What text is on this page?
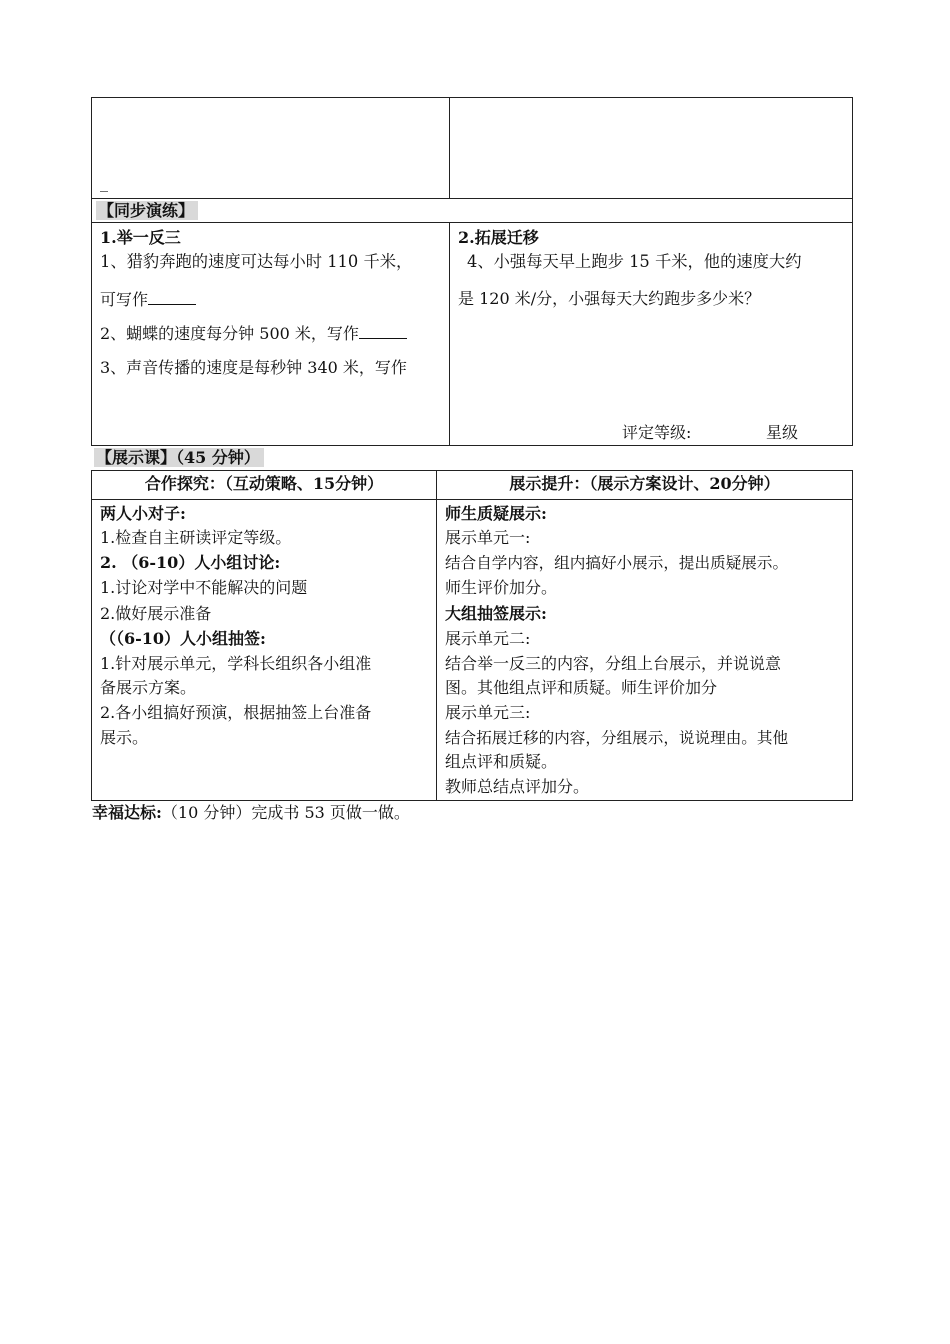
_
【同步演练】
1.举一反三
1、猎豹奔跑的速度可达每小时 110 千米，
可写作
2、蝴蝶的速度每分钟 500 米，写作
3、声音传播的速度是每秒钟 340 米，写作
2.拓展迁移
4、小强每天早上跑步 15 千米，他的速度大约
是 120 米/分，小强每天大约跑步多少米？
评定等级:	星级
【展示课】（45 分钟）
合作探究：（互动策略、15分钟）	展示提升：（展示方案设计、20分钟）
两人小对子:
1.检查自主研读评定等级。
2. （6-10）人小组讨论:
1.讨论对学中不能解决的问题
2.做好展示准备
（（6-10）人小组抽签:
1.针对展示单元，学科长组织各小组准
备展示方案。
2.各小组搞好预演，根据抽签上台准备
展示。
师生质疑展示:
展示单元一:
结合自学内容，组内搞好小展示，提出质疑展示。
师生评价加分。
大组抽签展示:
展示单元二:
结合举一反三的内容，分组上台展示，并说说意
图。其他组点评和质疑。师生评价加分
展示单元三:
结合拓展迁移的内容，分组展示，说说理由。其他
组点评和质疑。
教师总结点评加分。
幸福达标:（10 分钟）完成书 53 页做一做。
